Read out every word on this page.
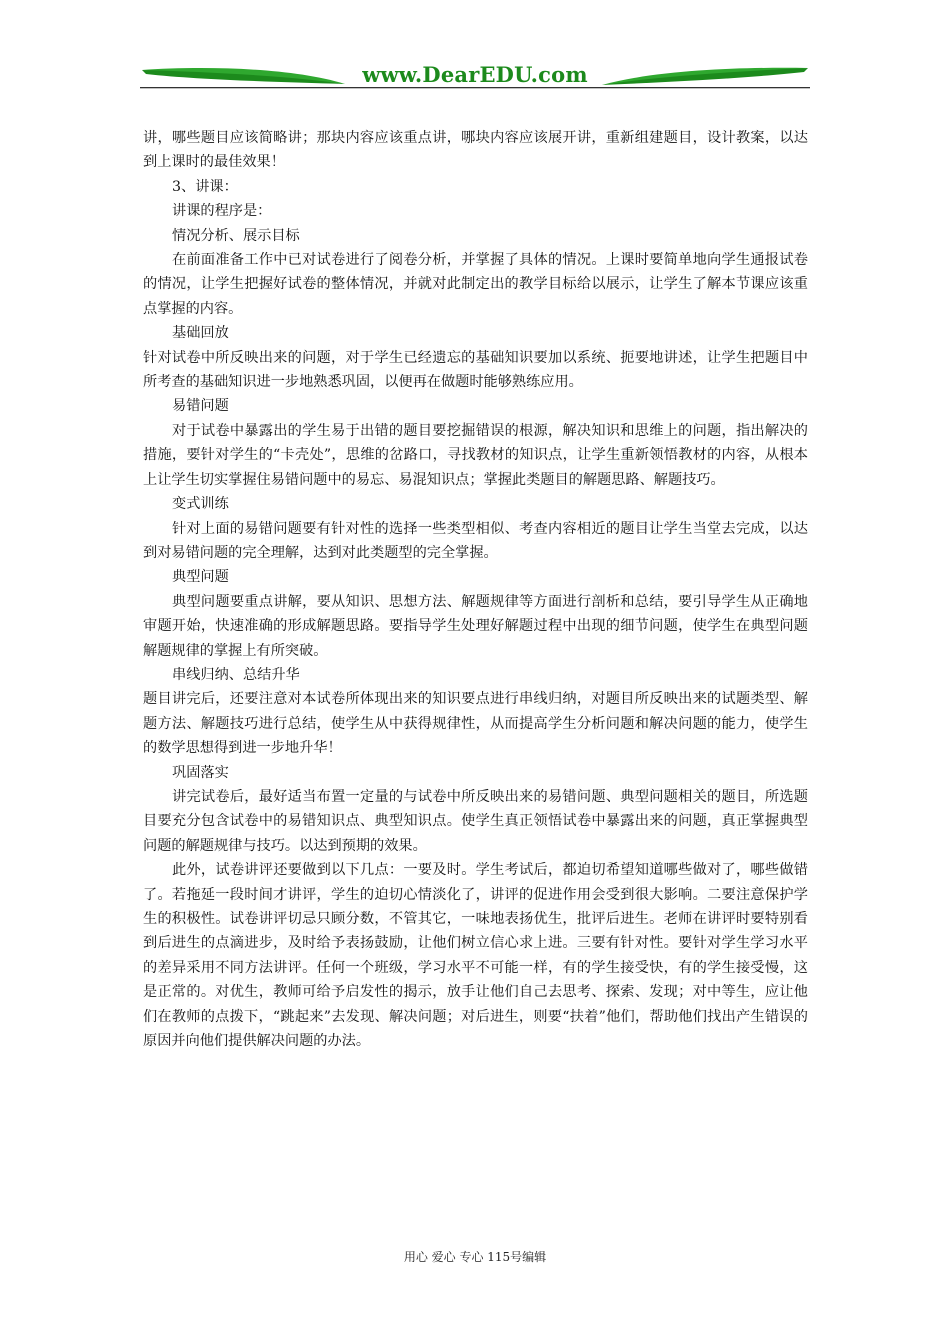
www.DearEDU.com

讲，哪些题目应该简略讲；那块内容应该重点讲，哪块内容应该展开讲，重新组建题目，设计教案，以达到上课时的最佳效果！

3、讲课：

讲课的程序是：

情况分析、展示目标

在前面准备工作中已对试卷进行了阅卷分析，并掌握了具体的情况。上课时要简单地向学生通报试卷的情况，让学生把握好试卷的整体情况，并就对此制定出的教学目标给以展示，让学生了解本节课应该重点掌握的内容。

基础回放

针对试卷中所反映出来的问题，对于学生已经遗忘的基础知识要加以系统、扼要地讲述，让学生把题目中所考查的基础知识进一步地熟悉巩固，以便再在做题时能够熟练应用。

易错问题

对于试卷中暴露出的学生易于出错的题目要挖掘错误的根源，解决知识和思维上的问题，指出解决的措施，要针对学生的“卡壳处”，思维的岔路口，寻找教材的知识点，让学生重新领悟教材的内容，从根本上让学生切实掌握住易错问题中的易忘、易混知识点；掌握此类题目的解题思路、解题技巧。

变式训练

针对上面的易错问题要有针对性的选择一些类型相似、考查内容相近的题目让学生当堂去完成，以达到对易错问题的完全理解，达到对此类题型的完全掌握。

典型问题

典型问题要重点讲解，要从知识、思想方法、解题规律等方面进行剖析和总结，要引导学生从正确地审题开始，快速准确的形成解题思路。要指导学生处理好解题过程中出现的细节问题，使学生在典型问题解题规律的掌握上有所突破。

串线归纳、总结升华

题目讲完后，还要注意对本试卷所体现出来的知识要点进行串线归纳，对题目所反映出来的试题类型、解题方法、解题技巧进行总结，使学生从中获得规律性，从而提高学生分析问题和解决问题的能力，使学生的数学思想得到进一步地升华！

巩固落实

讲完试卷后，最好适当布置一定量的与试卷中所反映出来的易错问题、典型问题相关的题目，所选题目要充分包含试卷中的易错知识点、典型知识点。使学生真正领悟试卷中暴露出来的问题，真正掌握典型问题的解题规律与技巧。以达到预期的效果。

此外，试卷讲评还要做到以下几点：一要及时。学生考试后，都迫切希望知道哪些做对了，哪些做错了。若拖延一段时间才讲评，学生的迫切心情淡化了，讲评的促进作用会受到很大影响。二要注意保护学生的积极性。试卷讲评切忌只顾分数，不管其它，一味地表扬优生，批评后进生。老师在讲评时要特别看到后进生的点滴进步，及时给予表扬鼓励，让他们树立信心求上进。三要有针对性。要针对学生学习水平的差异采用不同方法讲评。任何一个班级，学习水平不可能一样，有的学生接受快，有的学生接受慢，这是正常的。对优生，教师可给予启发性的揭示，放手让他们自己去思考、探索、发现；对中等生，应让他们在教师的点拨下，“跳起来”去发现、解决问题；对后进生，则要“扶着”他们，帮助他们找出产生错误的原因并向他们提供解决问题的办法。

用心 爱心 专心 115号编辑
